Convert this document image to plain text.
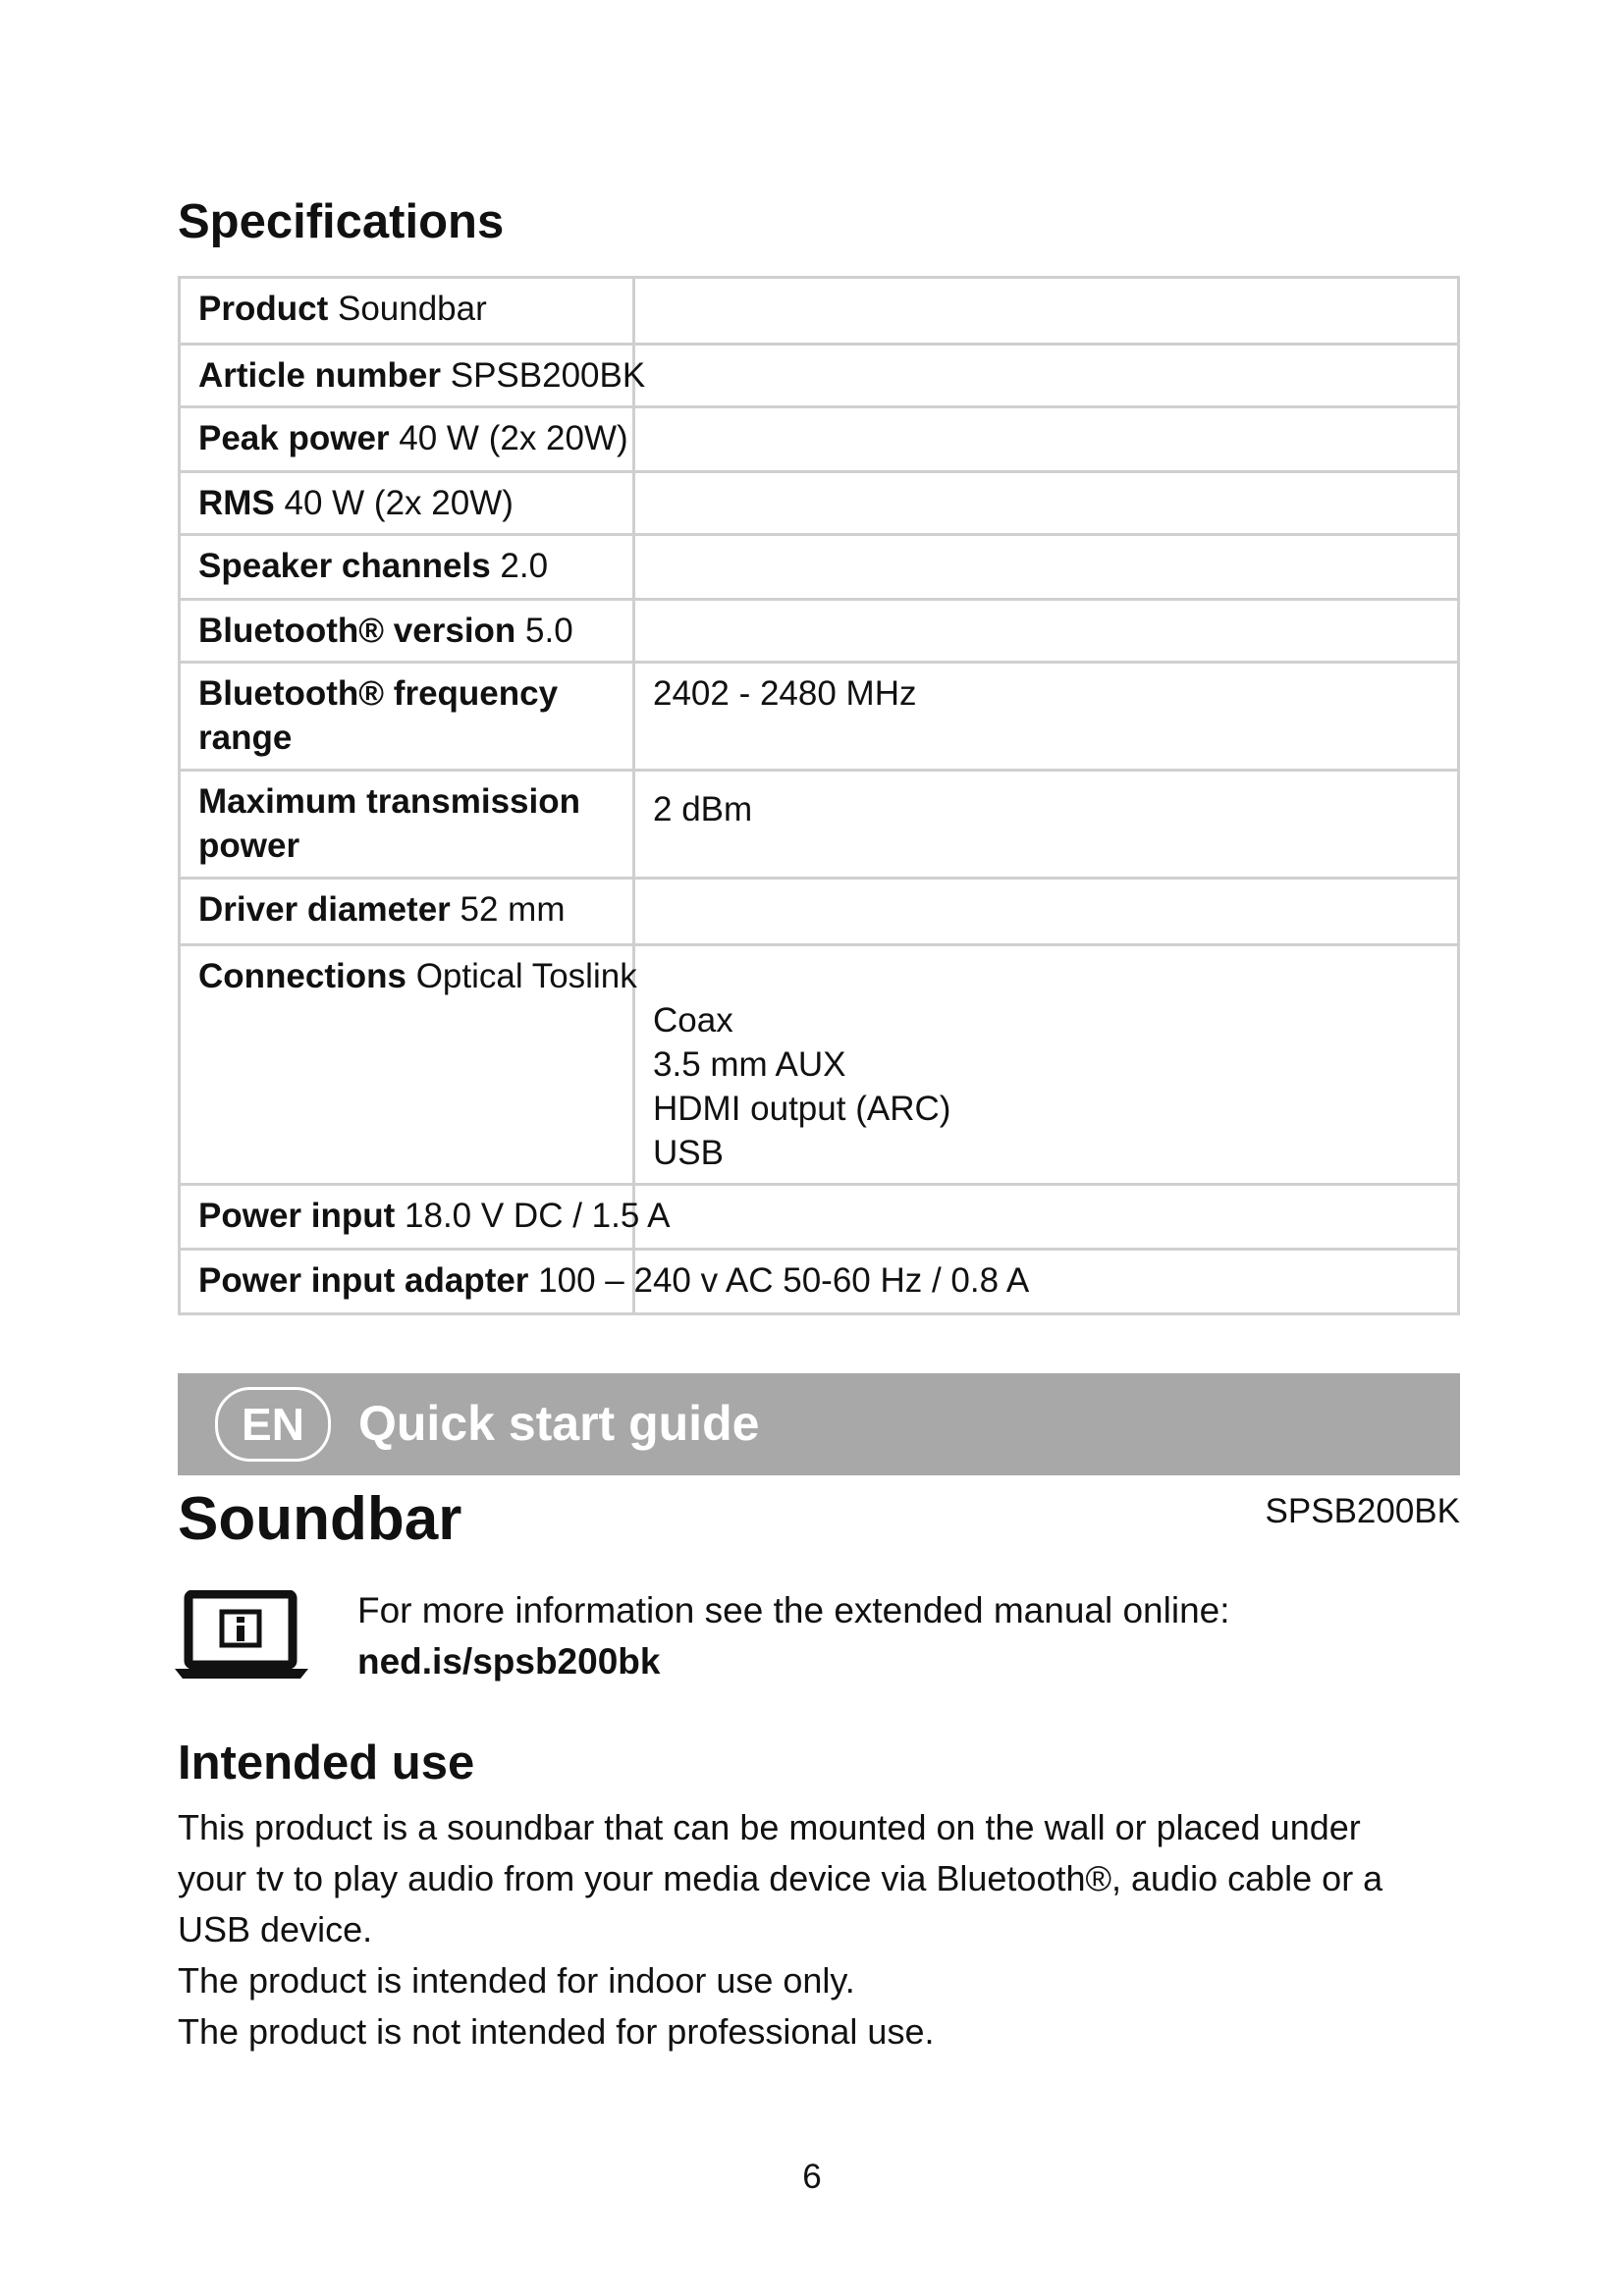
Specifications
Product Soundbar	
Article number SPSB200BK	
Peak power 40 W (2x 20W)	
RMS 40 W (2x 20W)	
Speaker channels 2.0	
Bluetooth® version 5.0	
Bluetooth® frequency range	2402 - 2480 MHz
Maximum transmission power	2 dBm
Driver diameter 52 mm	
Connections Optical Toslink	Coax
3.5 mm AUX
HDMI output (ARC)
USB

Power input 18.0 V DC / 1.5 A	
Power input adapter 100 – 240 v AC 50-60 Hz / 0.8 A	
EN	Quick start guide
Soundbar	SPSB200BK
For more information see the extended manual online:
ned.is/spsb200bk
Intended use

This product is a soundbar that can be mounted on the wall or placed under

your tv to play audio from your media device via Bluetooth®, audio cable or a

USB device.

The product is intended for indoor use only.

The product is not intended for professional use.

6
